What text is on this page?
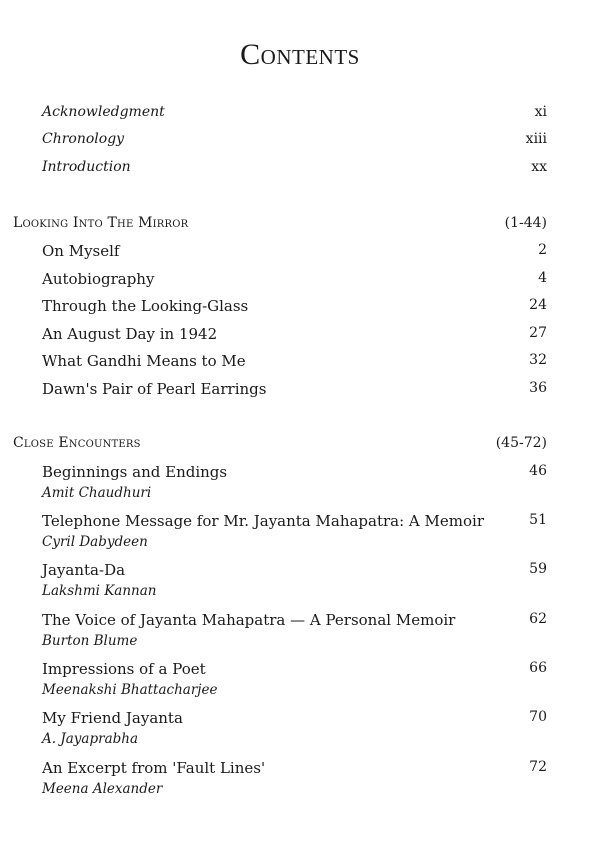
Contents
Acknowledgment	xi
Chronology	xiii
Introduction	xx
Looking Into The Mirror	(1-44)
On Myself	2
Autobiography	4
Through the Looking-Glass	24
An August Day in 1942	27
What Gandhi Means to Me	32
Dawn's Pair of Pearl Earrings	36
Close Encounters	(45-72)
Beginnings and Endings	46
Amit Chaudhuri
Telephone Message for Mr. Jayanta Mahapatra: A Memoir	51
Cyril Dabydeen
Jayanta-Da	59
Lakshmi Kannan
The Voice of Jayanta Mahapatra — A Personal Memoir	62
Burton Blume
Impressions of a Poet	66
Meenakshi Bhattacharjee
My Friend Jayanta	70
A. Jayaprabha
An Excerpt from 'Fault Lines'	72
Meena Alexander
